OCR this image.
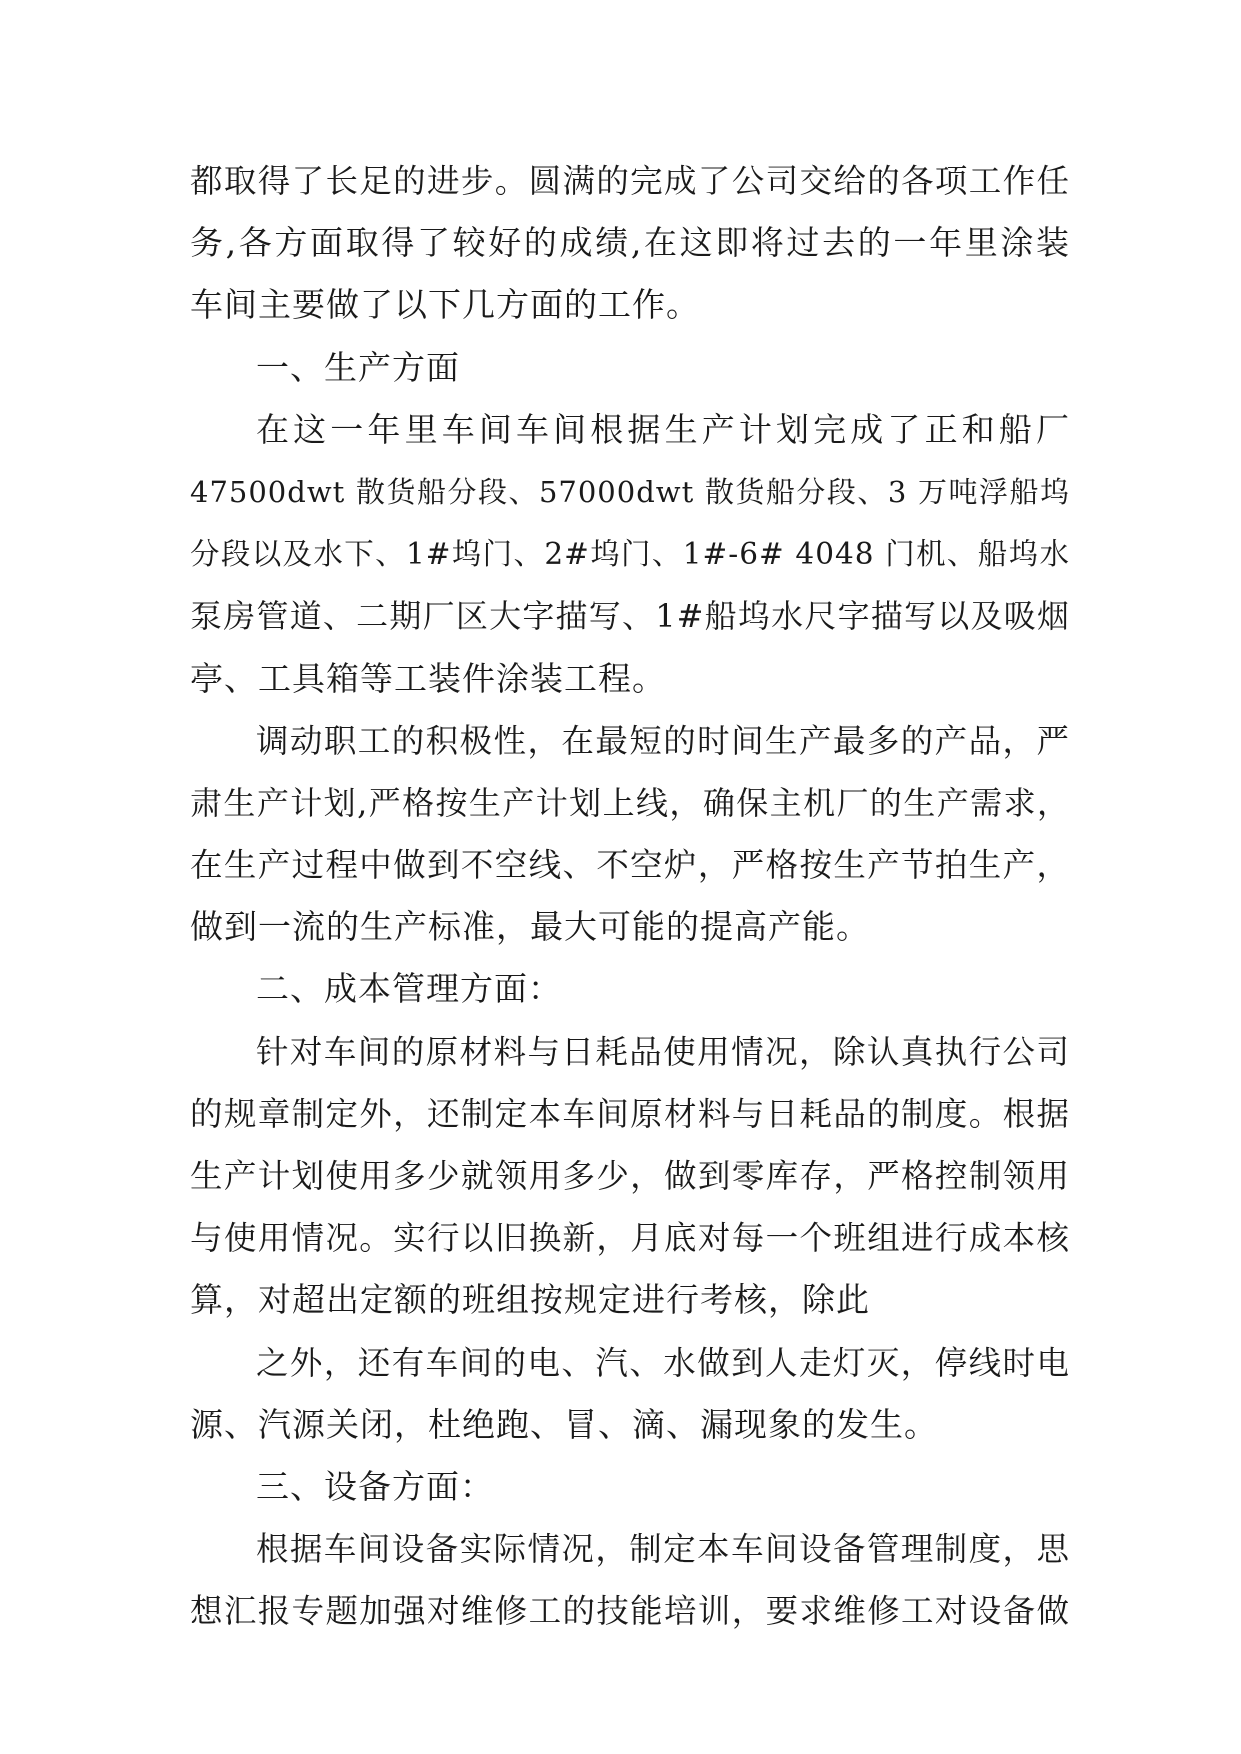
都取得了长足的进步。圆满的完成了公司交给的各项工作任
务,各方面取得了较好的成绩,在这即将过去的一年里涂装
车间主要做了以下几方面的工作。
一、生产方面
在这一年里车间车间根据生产计划完成了正和船厂
47500dwt 散货船分段、57000dwt 散货船分段、3 万吨浮船坞
分段以及水下、1#坞门、2#坞门、1#-6# 4048 门机、船坞水
泵房管道、二期厂区大字描写、1#船坞水尺字描写以及吸烟
亭、工具箱等工装件涂装工程。
调动职工的积极性，在最短的时间生产最多的产品，严
肃生产计划,严格按生产计划上线，确保主机厂的生产需求，
在生产过程中做到不空线、不空炉，严格按生产节拍生产，
做到一流的生产标准，最大可能的提高产能。
二、成本管理方面：
针对车间的原材料与日耗品使用情况，除认真执行公司
的规章制定外，还制定本车间原材料与日耗品的制度。根据
生产计划使用多少就领用多少，做到零库存，严格控制领用
与使用情况。实行以旧换新，月底对每一个班组进行成本核
算，对超出定额的班组按规定进行考核，除此
之外，还有车间的电、汽、水做到人走灯灭，停线时电
源、汽源关闭，杜绝跑、冒、滴、漏现象的发生。
三、设备方面：
根据车间设备实际情况，制定本车间设备管理制度，思
想汇报专题加强对维修工的技能培训，要求维修工对设备做
